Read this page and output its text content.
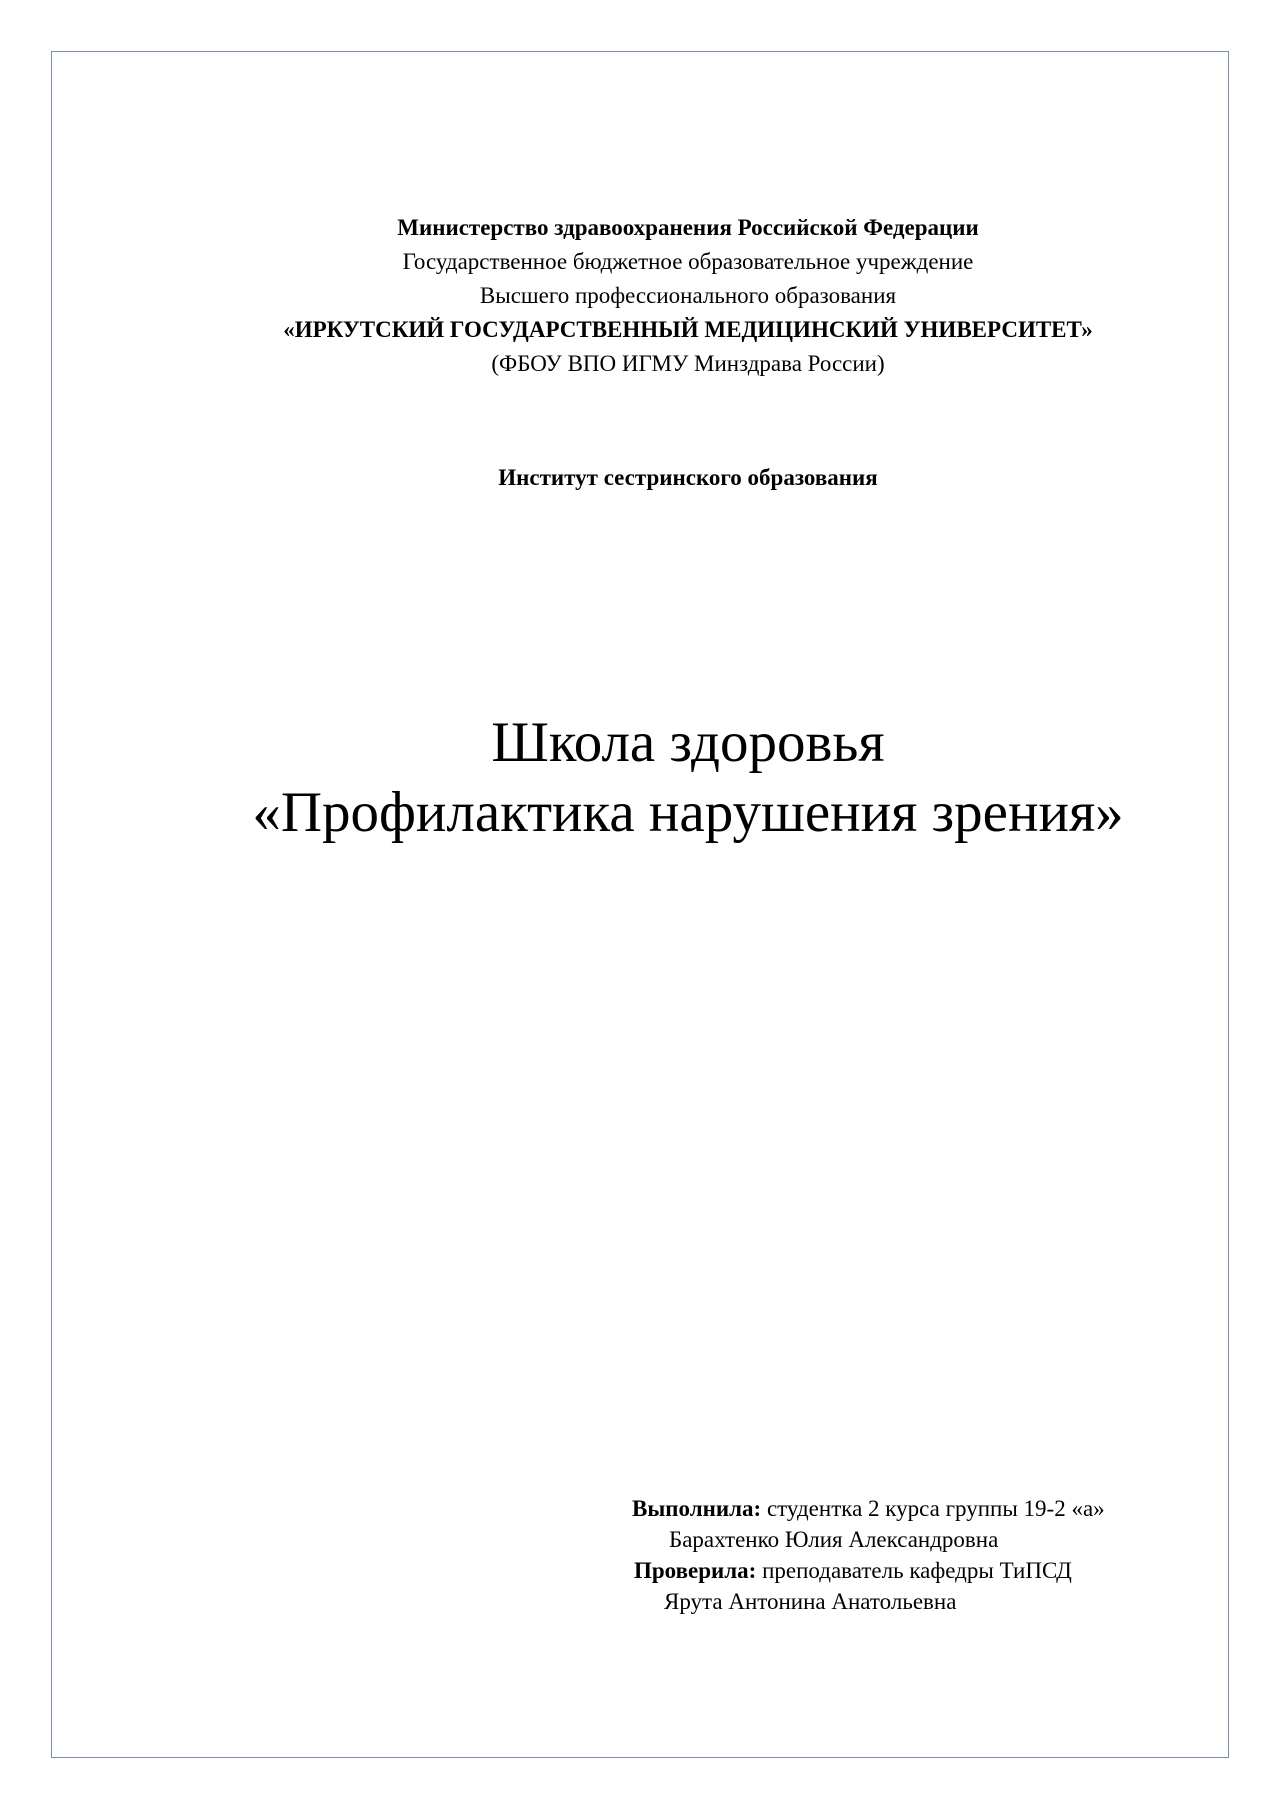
Министерство здравоохранения Российской Федерации
Государственное бюджетное образовательное учреждение
Высшего профессионального образования
«ИРКУТСКИЙ ГОСУДАРСТВЕННЫЙ МЕДИЦИНСКИЙ УНИВЕРСИТЕТ»
(ФБОУ ВПО ИГМУ Минздрава России)
Институт сестринского образования
Школа здоровья
«Профилактика нарушения зрения»
Выполнила: студентка 2 курса группы 19-2 «а»
Барахтенко Юлия Александровна
Проверила: преподаватель кафедры ТиПСД
Ярута Антонина Анатольевна
